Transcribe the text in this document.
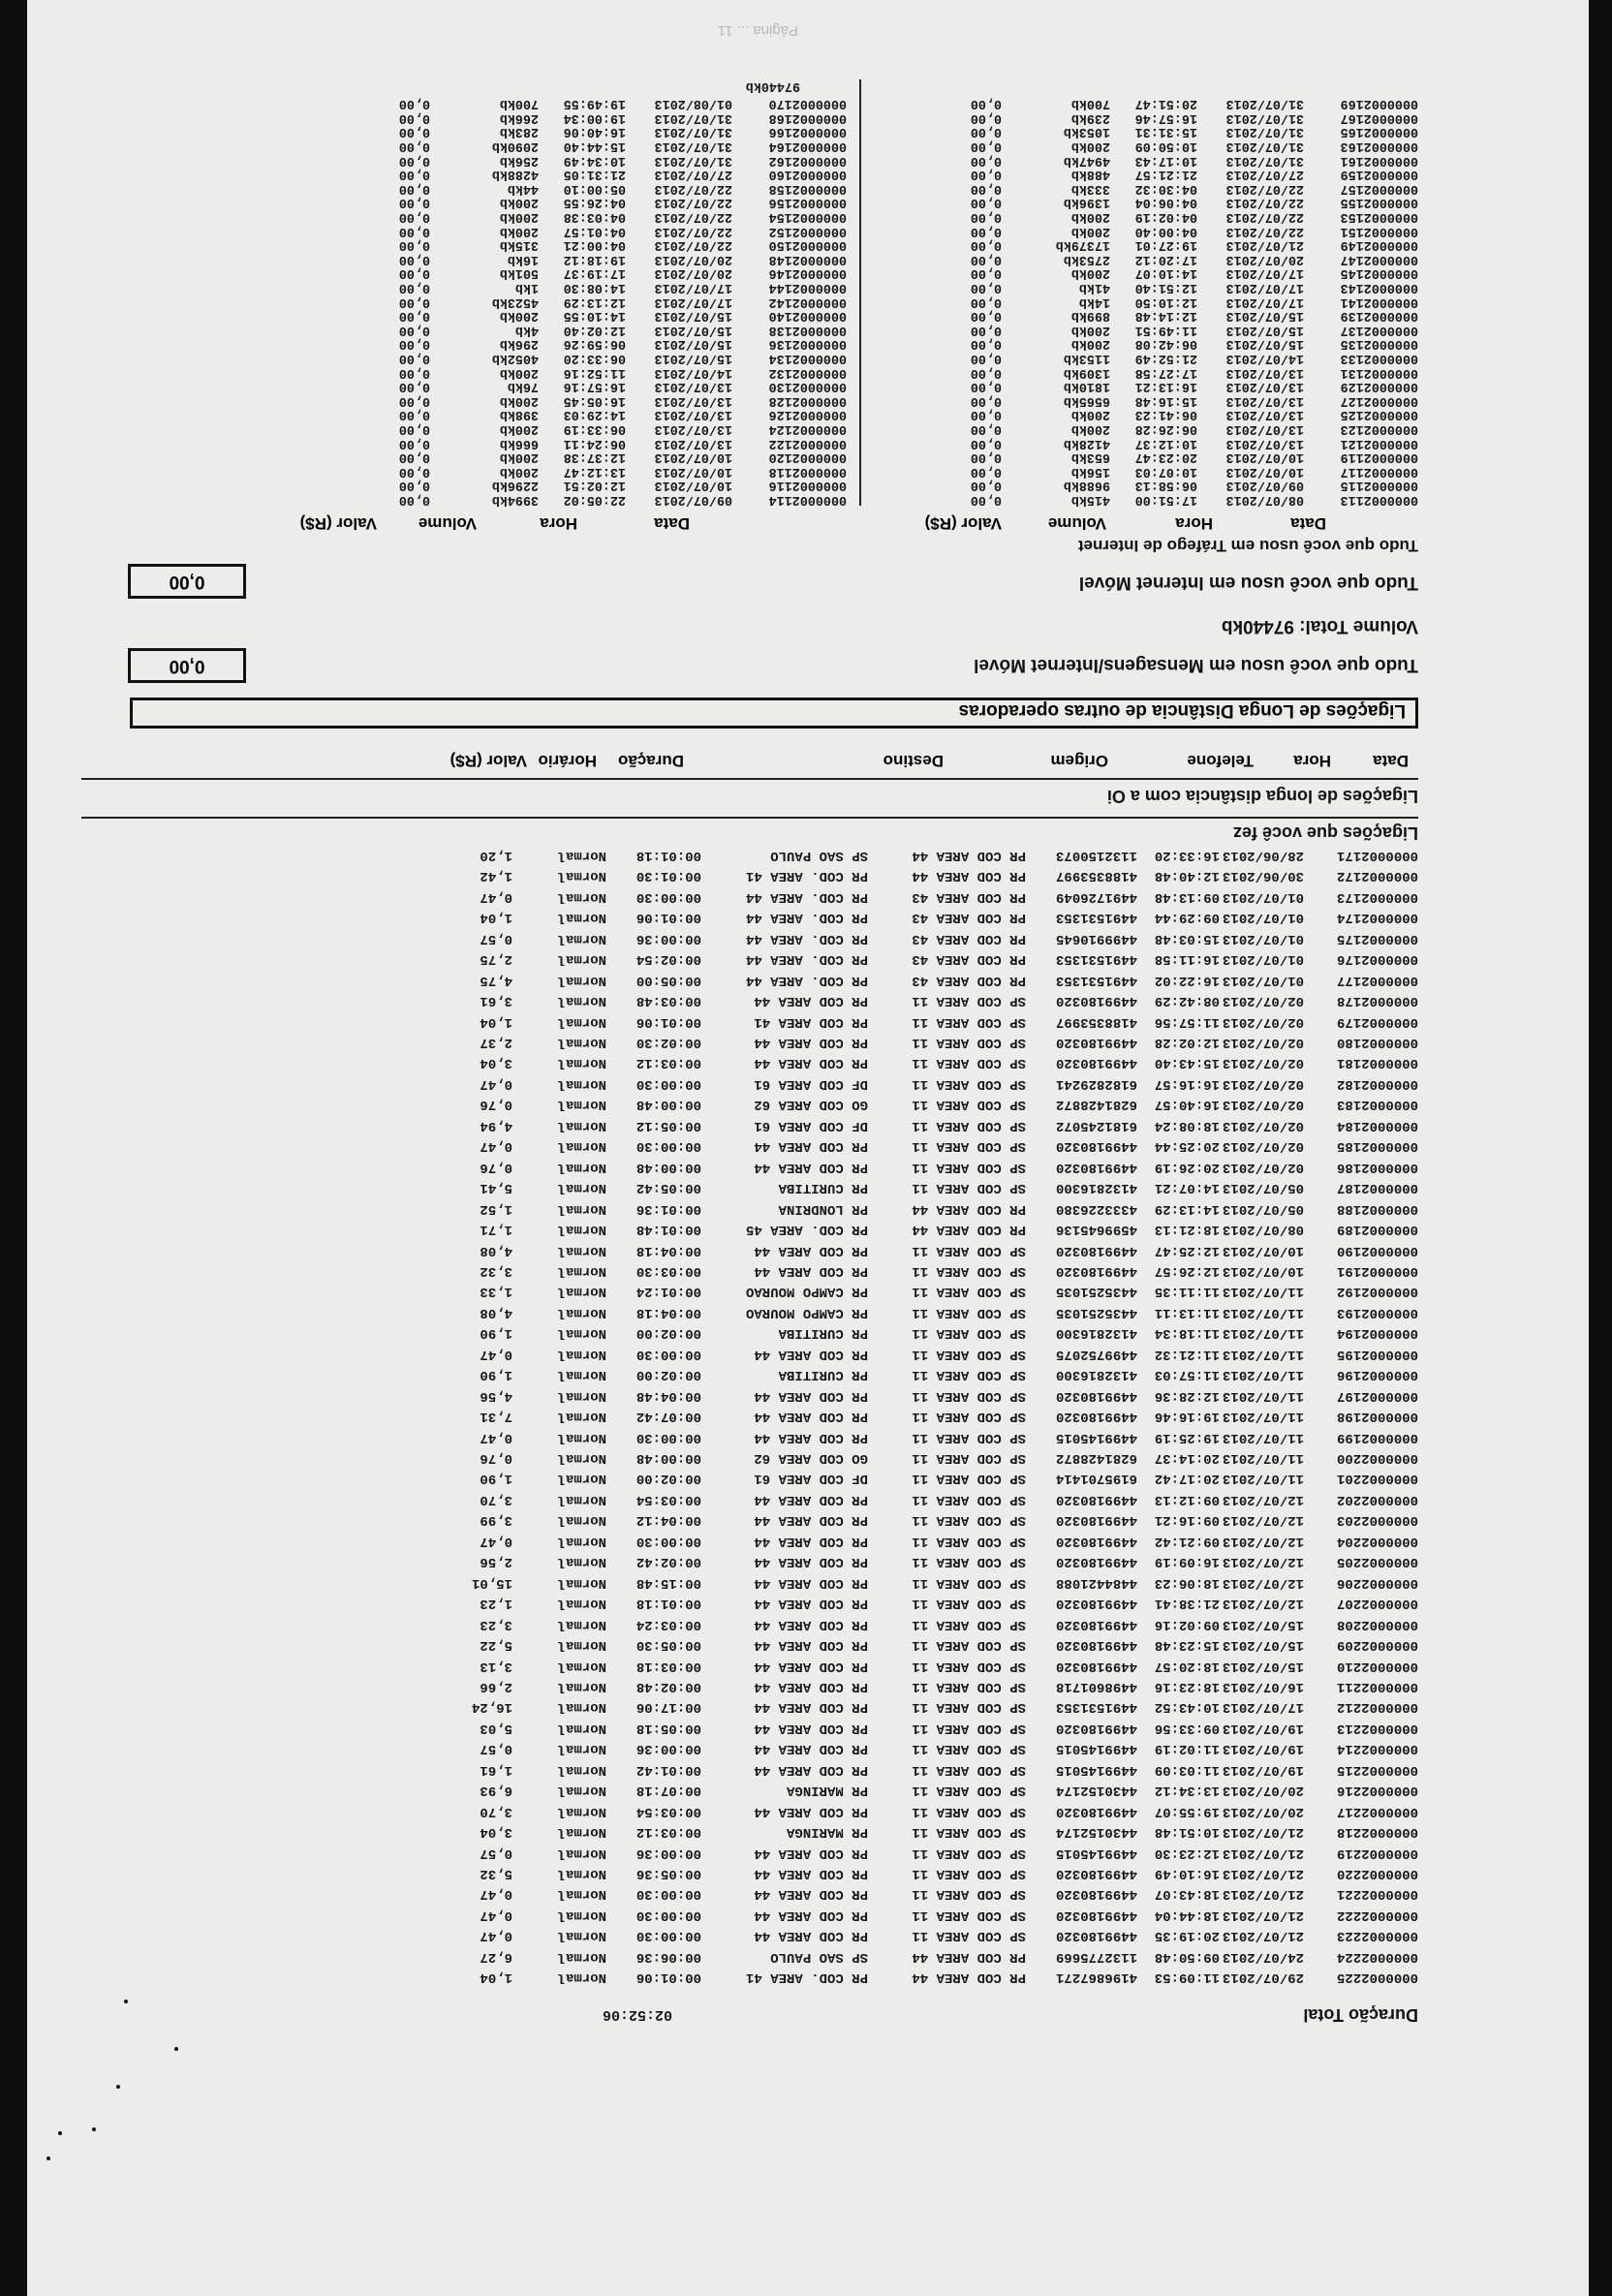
Página ... 11
Data
Hora
Volume
Valor (R$)
Data
Hora
Volume
Valor (R$)
0000002113
08/07/2013
17:51:00
415kb
0,00
0000002115
09/07/2013
06:58:13
9688kb
0,00
0000002117
10/07/2013
10:07:03
156kb
0,00
0000002119
10/07/2013
20:23:47
653kb
0,00
0000002121
13/07/2013
10:12:37
4128kb
0,00
0000002123
13/07/2013
06:26:28
200kb
0,00
0000002125
13/07/2013
06:41:23
200kb
0,00
0000002127
13/07/2013
15:16:48
6565kb
0,00
0000002129
13/07/2013
16:13:21
1810kb
0,00
0000002131
13/07/2013
17:27:58
1309kb
0,00
0000002133
14/07/2013
21:52:49
1153kb
0,00
0000002135
15/07/2013
06:42:08
200kb
0,00
0000002137
15/07/2013
11:49:51
200kb
0,00
0000002139
15/07/2013
12:14:48
899kb
0,00
0000002141
17/07/2013
12:10:50
14kb
0,00
0000002143
17/07/2013
12:51:40
41kb
0,00
0000002145
17/07/2013
14:10:07
200kb
0,00
0000002147
20/07/2013
17:20:12
2753kb
0,00
0000002149
21/07/2013
19:27:01
17379kb
0,00
0000002151
22/07/2013
04:00:40
200kb
0,00
0000002153
22/07/2013
04:02:19
200kb
0,00
0000002155
22/07/2013
04:06:04
1396kb
0,00
0000002157
22/07/2013
04:30:32
333kb
0,00
0000002159
27/07/2013
21:21:57
488kb
0,00
0000002161
31/07/2013
10:17:43
4947kb
0,00
0000002163
31/07/2013
10:50:09
200kb
0,00
0000002165
31/07/2013
15:31:31
1053kb
0,00
0000002167
31/07/2013
16:57:46
239kb
0,00
0000002169
31/07/2013
20:51:47
700kb
0,00
0000002114
09/07/2013
22:05:02
3994kb
0,00
0000002116
10/07/2013
12:02:51
2296kb
0,00
0000002118
10/07/2013
13:12:47
200kb
0,00
0000002120
10/07/2013
12:37:38
200kb
0,00
0000002122
13/07/2013
06:24:11
666kb
0,00
0000002124
13/07/2013
06:33:19
200kb
0,00
0000002126
13/07/2013
14:29:03
398kb
0,00
0000002128
13/07/2013
16:05:45
200kb
0,00
0000002130
13/07/2013
16:57:16
76kb
0,00
0000002132
14/07/2013
11:52:16
200kb
0,00
0000002134
15/07/2013
06:33:20
4052kb
0,00
0000002136
15/07/2013
06:59:26
296kb
0,00
0000002138
15/07/2013
12:02:40
4kb
0,00
0000002140
15/07/2013
14:10:55
200kb
0,00
0000002142
17/07/2013
12:13:29
4523kb
0,00
0000002144
17/07/2013
14:08:30
1kb
0,00
0000002146
20/07/2013
17:19:37
501kb
0,00
0000002148
20/07/2013
19:18:12
16kb
0,00
0000002150
22/07/2013
04:00:21
315kb
0,00
0000002152
22/07/2013
04:01:57
200kb
0,00
0000002154
22/07/2013
04:03:38
200kb
0,00
0000002156
22/07/2013
04:26:55
200kb
0,00
0000002158
22/07/2013
05:00:10
44kb
0,00
0000002160
27/07/2013
21:31:05
4288kb
0,00
0000002162
31/07/2013
10:34:49
256kb
0,00
0000002164
31/07/2013
15:44:40
2090kb
0,00
0000002166
31/07/2013
16:40:06
283kb
0,00
0000002168
31/07/2013
19:00:34
266kb
0,00
0000002170
01/08/2013
19:49:55
700kb
0,00
97440kb
Tudo que você usou em Tráfego de Internet
Tudo que você usou em Internet Móvel
0,00
Volume Total: 97440kb
Tudo que você usou em Mensagens/Internet Móvel
0,00
Ligações de Longa Distância de outras operadoras
Data
Hora
Telefone
Origem
Destino
Duração
Horário
Valor (R$)
Ligações de longa distância com a Oi
Ligações que você fez
0000002171
28/06/2013
16:33:20
1132150073
PR COD AREA 44
SP SAO PAULO
00:01:18
Normal
1,20
0000002172
30/06/2013
12:40:48
4188353997
PR COD AREA 44
PR COD. AREA 41
00:01:30
Normal
1,42
0000002173
01/07/2013
09:13:48
4491726049
PR COD AREA 43
PR COD. AREA 44
00:00:30
Normal
0,47
0000002174
01/07/2013
09:29:44
4491531353
PR COD AREA 43
PR COD. AREA 44
00:01:06
Normal
1,04
0000002175
01/07/2013
15:03:48
4499910645
PR COD AREA 43
PR COD. AREA 44
00:00:36
Normal
0,57
0000002176
01/07/2013
16:11:58
4491531353
PR COD AREA 43
PR COD. AREA 44
00:02:54
Normal
2,75
0000002177
01/07/2013
16:22:02
4491531353
PR COD AREA 43
PR COD. AREA 44
00:05:00
Normal
4,75
0000002178
02/07/2013
08:42:29
4499180320
SP COD AREA 11
PR COD AREA 44
00:03:48
Normal
3,61
0000002179
02/07/2013
11:57:56
4188353997
SP COD AREA 11
PR COD AREA 41
00:01:06
Normal
1,04
0000002180
02/07/2013
12:02:28
4499180320
SP COD AREA 11
PR COD AREA 44
00:02:30
Normal
2,37
0000002181
02/07/2013
15:43:40
4499180320
SP COD AREA 11
PR COD AREA 44
00:03:12
Normal
3,04
0000002182
02/07/2013
16:16:57
6182829241
SP COD AREA 11
DF COD AREA 61
00:00:30
Normal
0,47
0000002183
02/07/2013
16:40:57
6281428872
SP COD AREA 11
GO COD AREA 62
00:00:48
Normal
0,76
0000002184
02/07/2013
18:08:24
6181245072
SP COD AREA 11
DF COD AREA 61
00:05:12
Normal
4,94
0000002185
02/07/2013
20:25:44
4499180320
SP COD AREA 11
PR COD AREA 44
00:00:30
Normal
0,47
0000002186
02/07/2013
20:26:19
4499180320
SP COD AREA 11
PR COD AREA 44
00:00:48
Normal
0,76
0000002187
05/07/2013
14:07:21
4132816300
SP COD AREA 11
PR CURITIBA
00:05:42
Normal
5,41
0000002188
05/07/2013
14:13:29
4333226380
PR COD AREA 44
PR LONDRINA
00:01:36
Normal
1,52
0000002189
08/07/2013
18:21:13
4599645136
PR COD AREA 44
PR COD. AREA 45
00:01:48
Normal
1,71
0000002190
10/07/2013
12:25:47
4499180320
SP COD AREA 11
PR COD AREA 44
00:04:18
Normal
4,08
0000002191
10/07/2013
12:26:57
4499180320
SP COD AREA 11
PR COD AREA 44
00:03:30
Normal
3,32
0000002192
11/07/2013
11:11:35
4435251035
SP COD AREA 11
PR CAMPO MOURAO
00:01:24
Normal
1,33
0000002193
11/07/2013
11:13:11
4435251035
SP COD AREA 11
PR CAMPO MOURAO
00:04:18
Normal
4,08
0000002194
11/07/2013
11:18:34
4132816300
SP COD AREA 11
PR CURITIBA
00:02:00
Normal
1,90
0000002195
11/07/2013
11:21:32
4499752075
SP COD AREA 11
PR COD AREA 44
00:00:30
Normal
0,47
0000002196
11/07/2013
11:57:03
4132816300
SP COD AREA 11
PR CURITIBA
00:02:00
Normal
1,90
0000002197
11/07/2013
12:28:36
4499180320
SP COD AREA 11
PR COD AREA 44
00:04:48
Normal
4,56
0000002198
11/07/2013
19:16:46
4499180320
SP COD AREA 11
PR COD AREA 44
00:07:42
Normal
7,31
0000002199
11/07/2013
19:25:19
4499145015
SP COD AREA 11
PR COD AREA 44
00:00:30
Normal
0,47
0000002200
11/07/2013
20:14:37
6281428872
SP COD AREA 11
GO COD AREA 62
00:00:48
Normal
0,76
0000002201
11/07/2013
20:17:42
6195701414
SP COD AREA 11
DF COD AREA 61
00:02:00
Normal
1,90
0000002202
12/07/2013
09:12:13
4499180320
SP COD AREA 11
PR COD AREA 44
00:03:54
Normal
3,70
0000002203
12/07/2013
09:16:21
4499180320
SP COD AREA 11
PR COD AREA 44
00:04:12
Normal
3,99
0000002204
12/07/2013
09:21:42
4499180320
SP COD AREA 11
PR COD AREA 44
00:00:30
Normal
0,47
0000002205
12/07/2013
16:09:19
4499180320
SP COD AREA 11
PR COD AREA 44
00:02:42
Normal
2,56
0000002206
12/07/2013
18:06:23
4484421088
SP COD AREA 11
PR COD AREA 44
00:15:48
Normal
15,01
0000002207
12/07/2013
21:38:41
4499180320
SP COD AREA 11
PR COD AREA 44
00:01:18
Normal
1,23
0000002208
15/07/2013
09:02:16
4499180320
SP COD AREA 11
PR COD AREA 44
00:03:24
Normal
3,23
0000002209
15/07/2013
15:23:48
4499180320
SP COD AREA 11
PR COD AREA 44
00:05:30
Normal
5,22
0000002210
15/07/2013
18:20:57
4499180320
SP COD AREA 11
PR COD AREA 44
00:03:18
Normal
3,13
0000002211
16/07/2013
18:23:16
4498601718
SP COD AREA 11
PR COD AREA 44
00:02:48
Normal
2,66
0000002212
17/07/2013
10:43:52
4491531353
SP COD AREA 11
PR COD AREA 44
00:17:06
Normal
16,24
0000002213
19/07/2013
09:33:56
4499180320
SP COD AREA 11
PR COD AREA 44
00:05:18
Normal
5,03
0000002214
19/07/2013
11:02:19
4499145015
SP COD AREA 11
PR COD AREA 44
00:00:36
Normal
0,57
0000002215
19/07/2013
11:03:09
4499145015
SP COD AREA 11
PR COD AREA 44
00:01:42
Normal
1,61
0000002216
20/07/2013
13:34:12
4430152174
SP COD AREA 11
PR MARINGA
00:07:18
Normal
6,93
0000002217
20/07/2013
19:55:07
4499180320
SP COD AREA 11
PR COD AREA 44
00:03:54
Normal
3,70
0000002218
21/07/2013
10:51:48
4430152174
SP COD AREA 11
PR MARINGA
00:03:12
Normal
3,04
0000002219
21/07/2013
12:23:30
4499145015
SP COD AREA 11
PR COD AREA 44
00:00:36
Normal
0,57
0000002220
21/07/2013
16:10:49
4499180320
SP COD AREA 11
PR COD AREA 44
00:05:36
Normal
5,32
0000002221
21/07/2013
18:43:07
4499180320
SP COD AREA 11
PR COD AREA 44
00:00:30
Normal
0,47
0000002222
21/07/2013
18:44:04
4499180320
SP COD AREA 11
PR COD AREA 44
00:00:30
Normal
0,47
0000002223
21/07/2013
20:19:35
4499180320
SP COD AREA 11
PR COD AREA 44
00:00:30
Normal
0,47
0000002224
24/07/2013
09:50:48
1132775669
PR COD AREA 44
SP SAO PAULO
00:06:36
Normal
6,27
0000002225
29/07/2013
11:09:53
4196867271
PR COD AREA 44
PR COD. AREA 41
00:01:06
Normal
1,04
Duração Total
02:52:06
